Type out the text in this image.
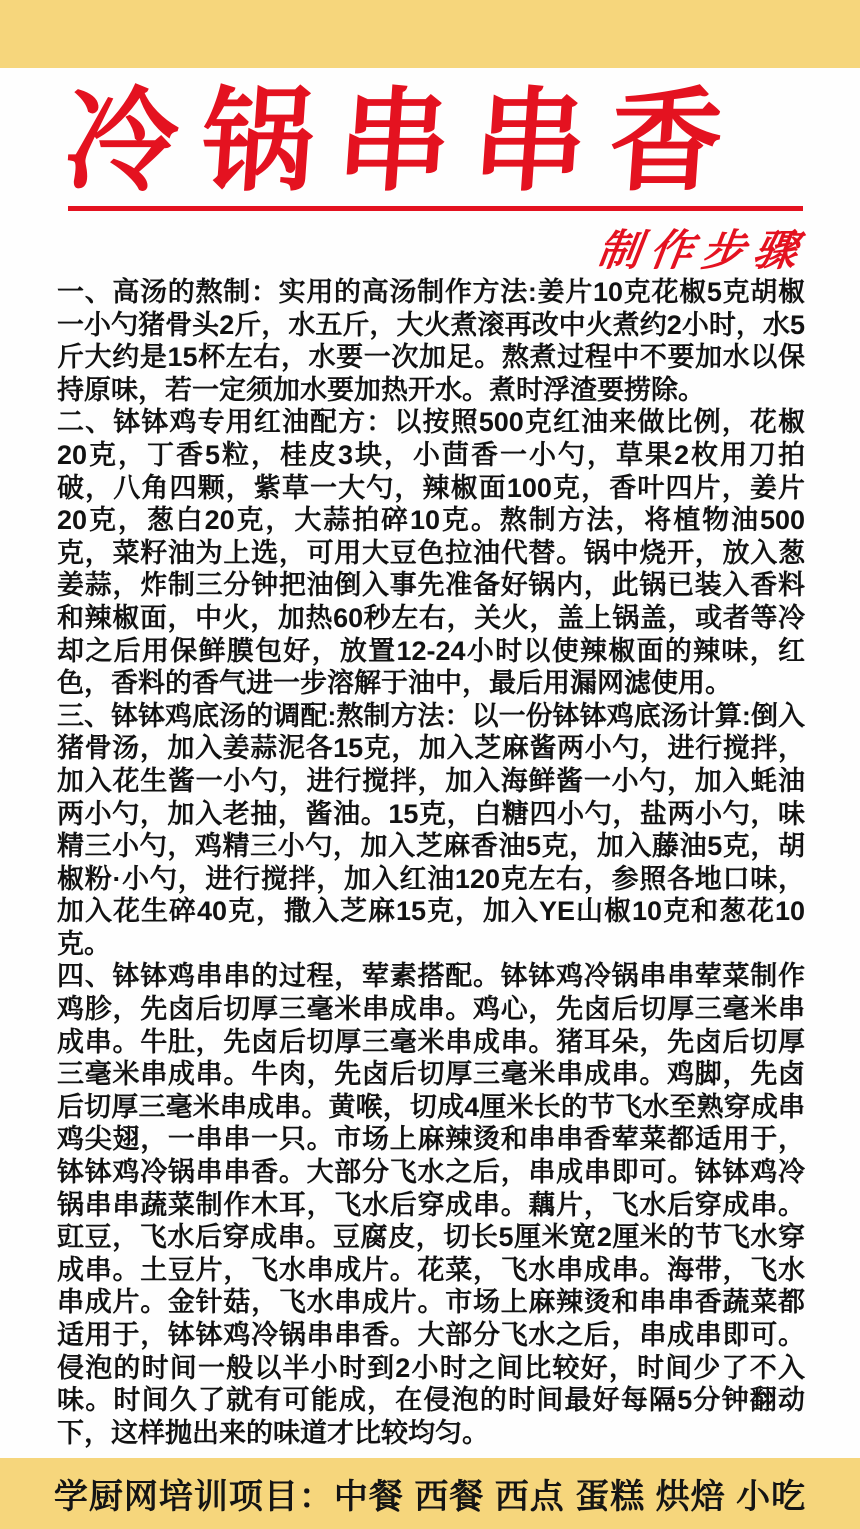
冷锅串串香
制作步骤

一、高汤的熬制：实用的高汤制作方法:姜片10克花椒5克胡椒一小勺猪骨头2斤，水五斤，大火煮滚再改中火煮约2小时，水5斤大约是15杯左右，水要一次加足。熬煮过程中不要加水以保持原味，若一定须加水要加热开水。煮时浮渣要捞除。

二、钵钵鸡专用红油配方：以按照500克红油来做比例，花椒20克，丁香5粒，桂皮3块，小茴香一小勺，草果2枚用刀拍破，八角四颗，紫草一大勺，辣椒面100克，香叶四片，姜片20克，葱白20克，大蒜拍碎10克。熬制方法，将植物油500克，菜籽油为上选，可用大豆色拉油代替。锅中烧开，放入葱姜蒜，炸制三分钟把油倒入事先准备好锅内，此锅已装入香料和辣椒面，中火，加热60秒左右，关火，盖上锅盖，或者等冷却之后用保鲜膜包好，放置12-24小时以使辣椒面的辣味，红色，香料的香气进一步溶解于油中，最后用漏网滤使用。

三、钵钵鸡底汤的调配:熬制方法：以一份钵钵鸡底汤计算:倒入猪骨汤，加入姜蒜泥各15克，加入芝麻酱两小勺，进行搅拌，加入花生酱一小勺，进行搅拌，加入海鲜酱一小勺，加入蚝油两小勺，加入老抽，酱油。15克，白糖四小勺，盐两小勺，味精三小勺，鸡精三小勺，加入芝麻香油5克，加入藤油5克，胡椒粉·小勺，进行搅拌，加入红油120克左右，参照各地口味，加入花生碎40克，撒入芝麻15克，加入YE山椒10克和葱花10克。

四、钵钵鸡串串的过程，荤素搭配。钵钵鸡冷锅串串荤菜制作鸡胗，先卤后切厚三毫米串成串。鸡心，先卤后切厚三毫米串成串。牛肚，先卤后切厚三毫米串成串。猪耳朵，先卤后切厚三毫米串成串。牛肉，先卤后切厚三毫米串成串。鸡脚，先卤后切厚三毫米串成串。黄喉，切成4厘米长的节飞水至熟穿成串鸡尖翅，一串串一只。市场上麻辣烫和串串香荤菜都适用于，钵钵鸡冷锅串串香。大部分飞水之后，串成串即可。钵钵鸡冷锅串串蔬菜制作木耳，飞水后穿成串。藕片，飞水后穿成串。豇豆，飞水后穿成串。豆腐皮，切长5厘米宽2厘米的节飞水穿成串。土豆片，飞水串成片。花菜，飞水串成串。海带，飞水串成片。金针菇，飞水串成片。市场上麻辣烫和串串香蔬菜都适用于，钵钵鸡冷锅串串香。大部分飞水之后，串成串即可。侵泡的时间一般以半小时到2小时之间比较好，时间少了不入味。时间久了就有可能成，在侵泡的时间最好每隔5分钟翻动下，这样抛出来的味道才比较均匀。

学厨网培训项目：中餐 西餐 西点 蛋糕 烘焙 小吃
